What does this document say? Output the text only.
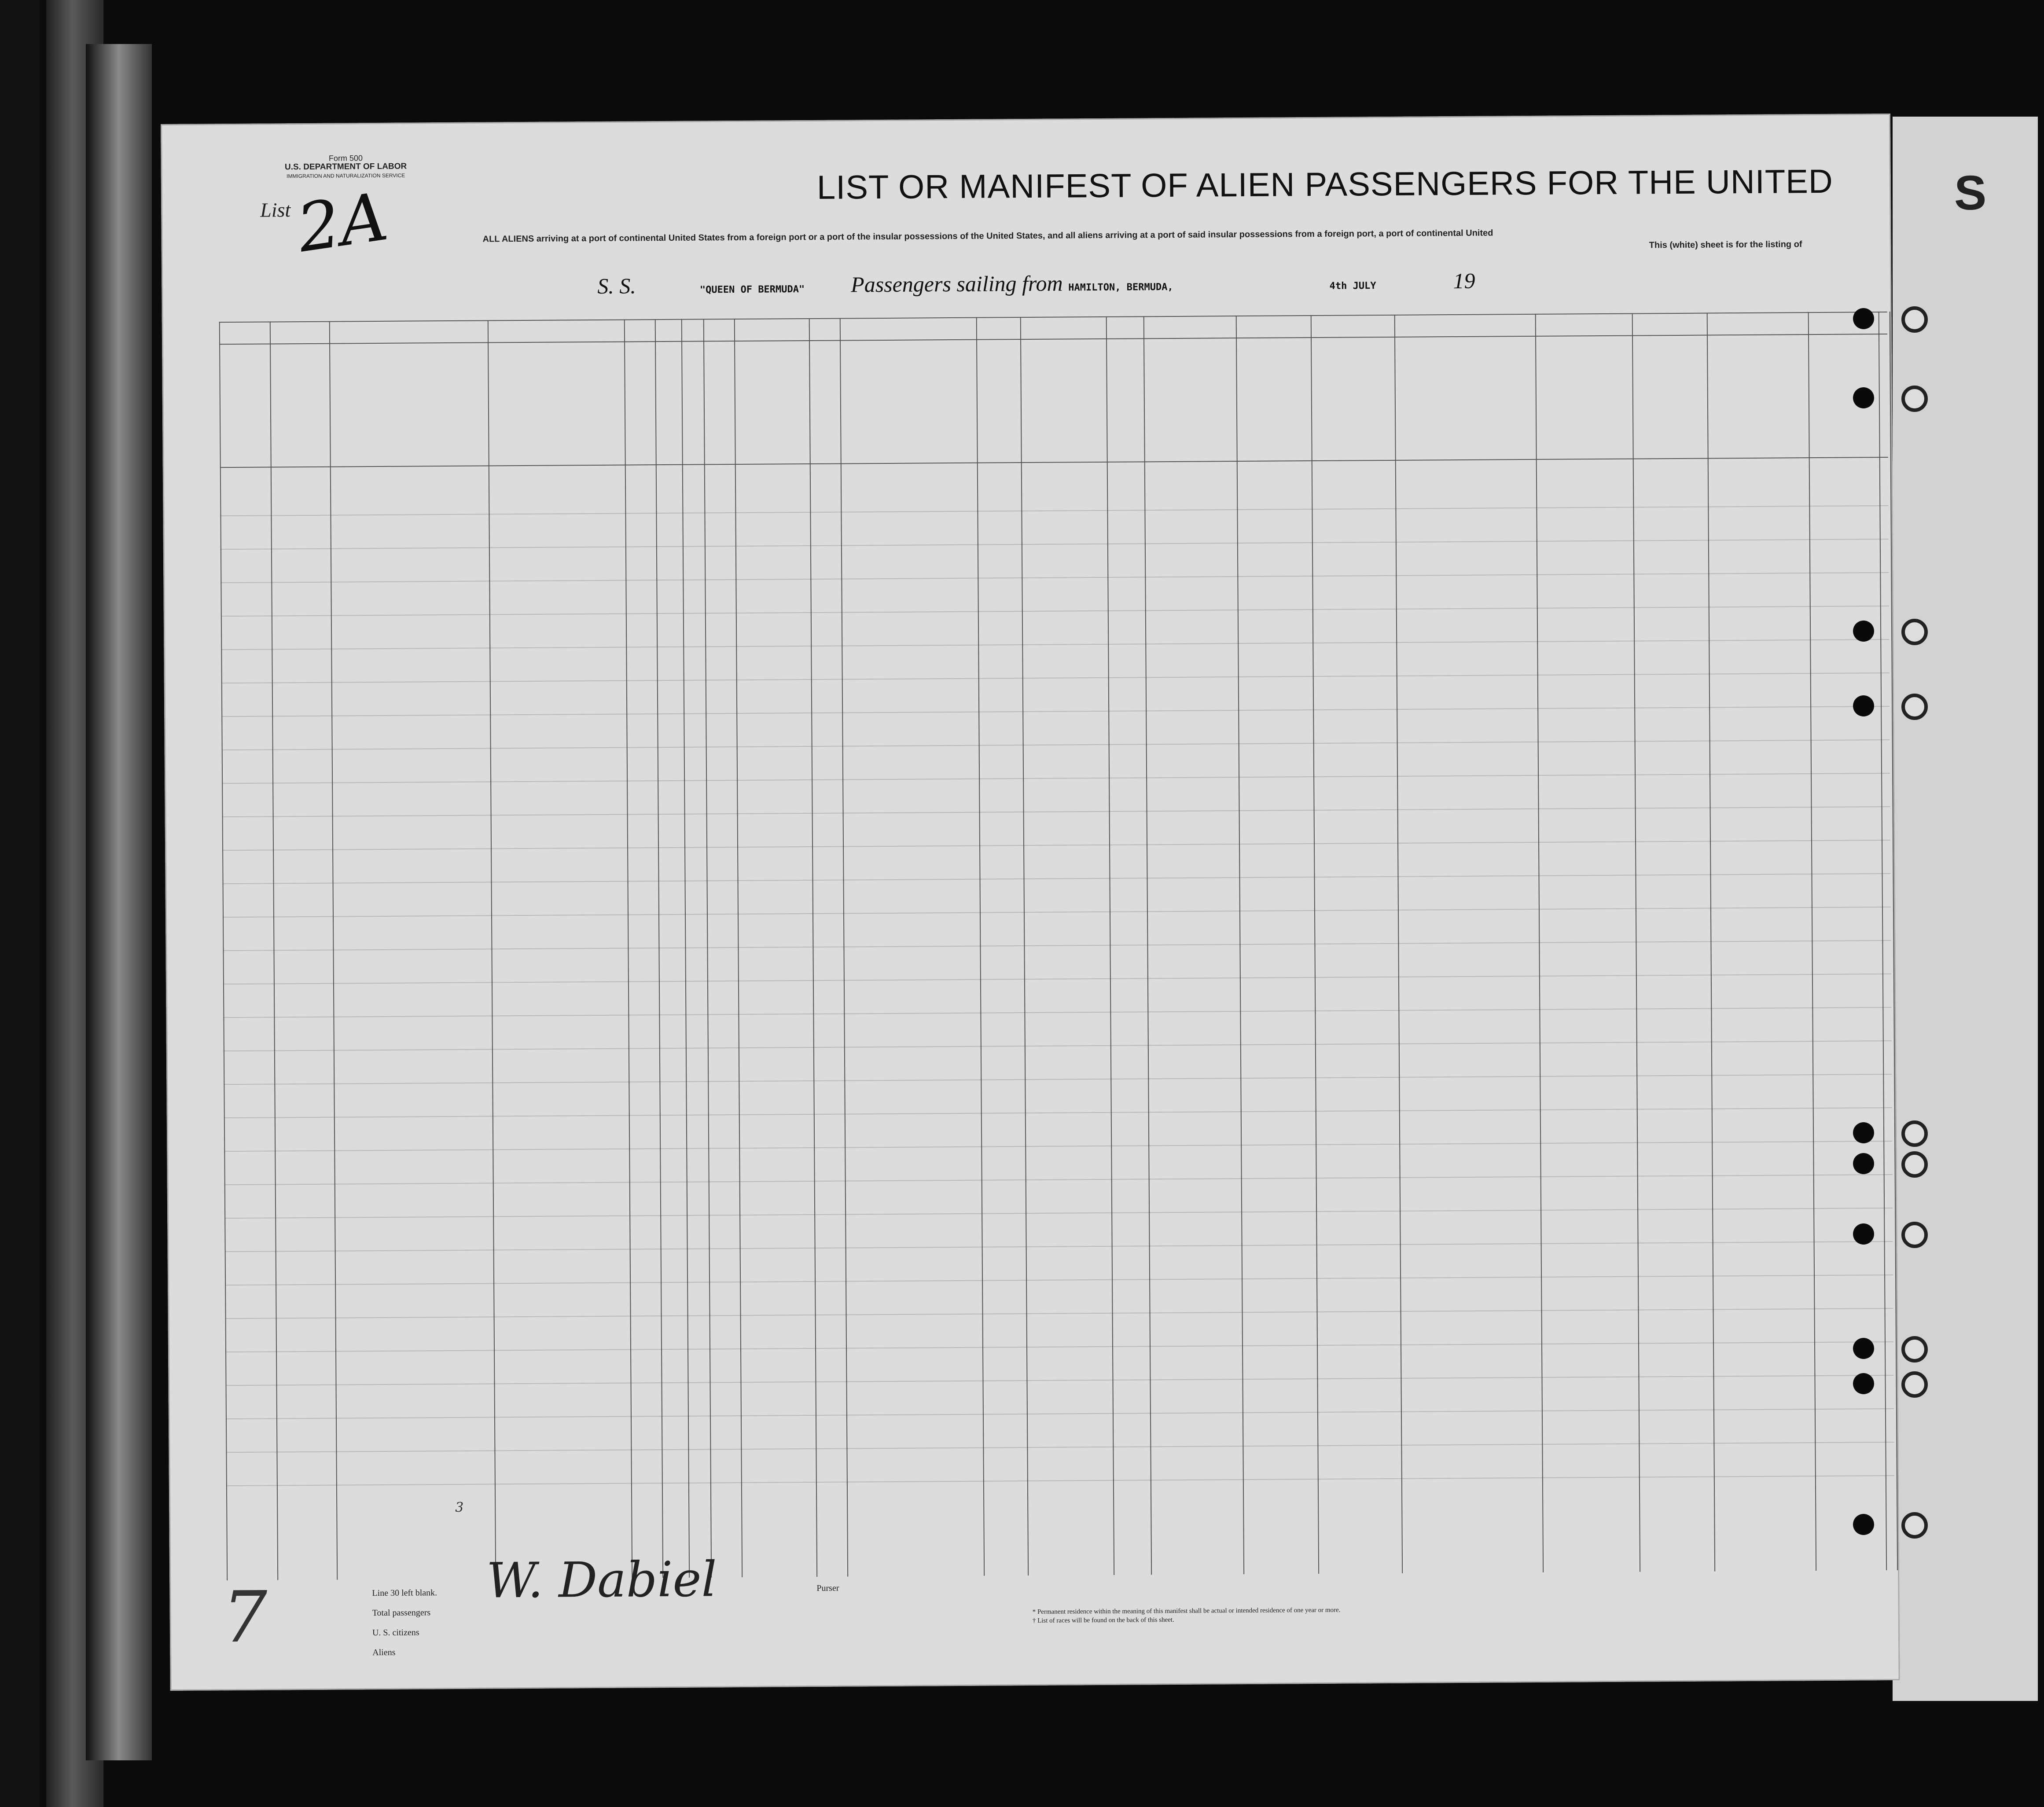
S
Form 500
U.S. DEPARTMENT OF LABOR
IMMIGRATION AND NATURALIZATION SERVICE
List 2A	LIST OR MANIFEST OF ALIEN PASSENGERS FOR THE UNITED
ALL ALIENS arriving at a port of continental United States from a foreign port or a port of the insular possessions of the United States, and all aliens arriving at a port of said insular possessions from a foreign port, a port of continental United
This (white) sheet is for the listing of
S. S.	"QUEEN OF BERMUDA" Passengers sailing from HAMILTON, BERMUDA,	4th JULY	19
Line 30 left blank. W. Dabiel	Purser
Total passengers
U. S. citizens
Aliens
3
* Permanent residence within the meaning of this manifest shall be actual or intended residence of one year or more.
† List of races will be found on the back of this sheet.
7
